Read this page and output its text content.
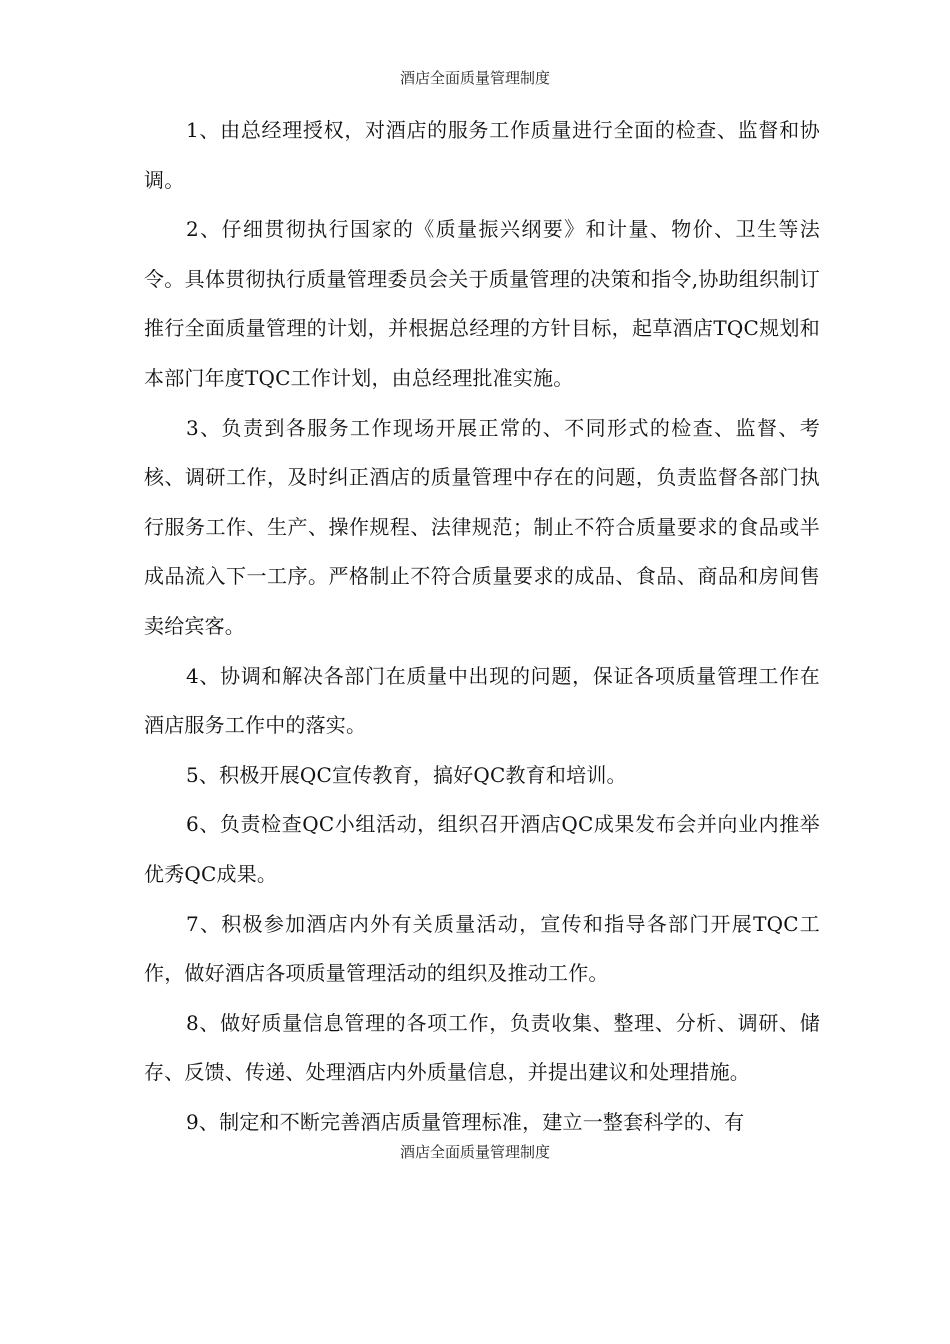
酒店全面质量管理制度

1、由总经理授权，对酒店的服务工作质量进行全面的检查、监督和协调。

2、仔细贯彻执行国家的《质量振兴纲要》和计量、物价、卫生等法令。具体贯彻执行质量管理委员会关于质量管理的决策和指令,协助组织制订推行全面质量管理的计划，并根据总经理的方针目标，起草酒店TQC规划和本部门年度TQC工作计划，由总经理批准实施。

3、负责到各服务工作现场开展正常的、不同形式的检查、监督、考核、调研工作，及时纠正酒店的质量管理中存在的问题，负责监督各部门执行服务工作、生产、操作规程、法律规范；制止不符合质量要求的食品或半成品流入下一工序。严格制止不符合质量要求的成品、食品、商品和房间售卖给宾客。

4、协调和解决各部门在质量中出现的问题，保证各项质量管理工作在酒店服务工作中的落实。

5、积极开展QC宣传教育，搞好QC教育和培训。

6、负责检查QC小组活动，组织召开酒店QC成果发布会并向业内推举优秀QC成果。

7、积极参加酒店内外有关质量活动，宣传和指导各部门开展TQC工作，做好酒店各项质量管理活动的组织及推动工作。

8、做好质量信息管理的各项工作，负责收集、整理、分析、调研、储存、反馈、传递、处理酒店内外质量信息，并提出建议和处理措施。

9、制定和不断完善酒店质量管理标准，建立一整套科学的、有

酒店全面质量管理制度
